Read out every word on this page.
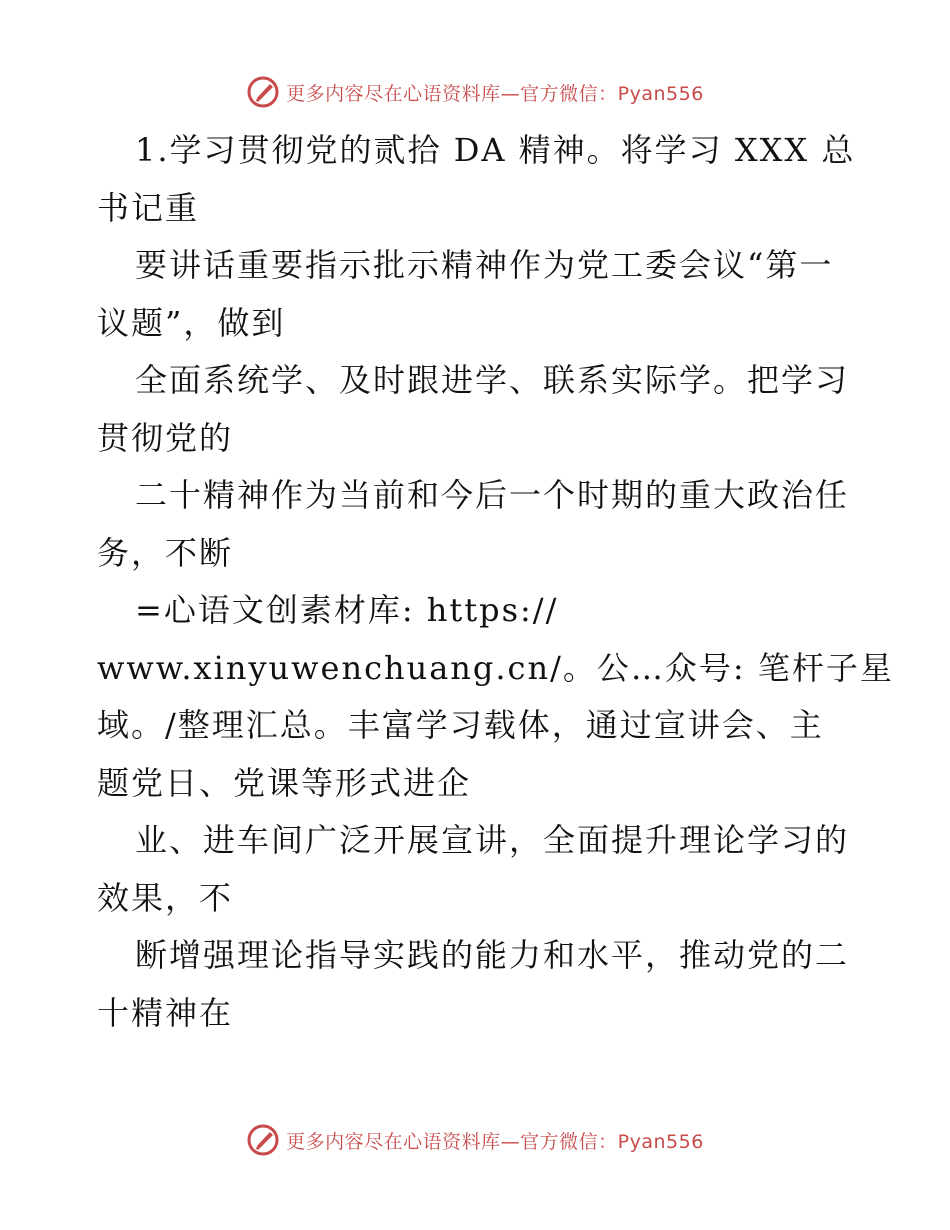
更多内容尽在心语资料库—官方微信：Pyan556
1.学习贯彻党的贰拾 DA 精神。将学习 XXX 总
书记重
要讲话重要指示批示精神作为党工委会议“第一
议题”，做到
全面系统学、及时跟进学、联系实际学。把学习
贯彻党的
二十精神作为当前和今后一个时期的重大政治任
务，不断
=心语文创素材库: https://
www.xinyuwenchuang.cn/。公…众号: 笔杆子星
域。/整理汇总。丰富学习载体，通过宣讲会、主
题党日、党课等形式进企
业、进车间广泛开展宣讲，全面提升理论学习的
效果，不
断增强理论指导实践的能力和水平，推动党的二
十精神在
更多内容尽在心语资料库—官方微信：Pyan556
